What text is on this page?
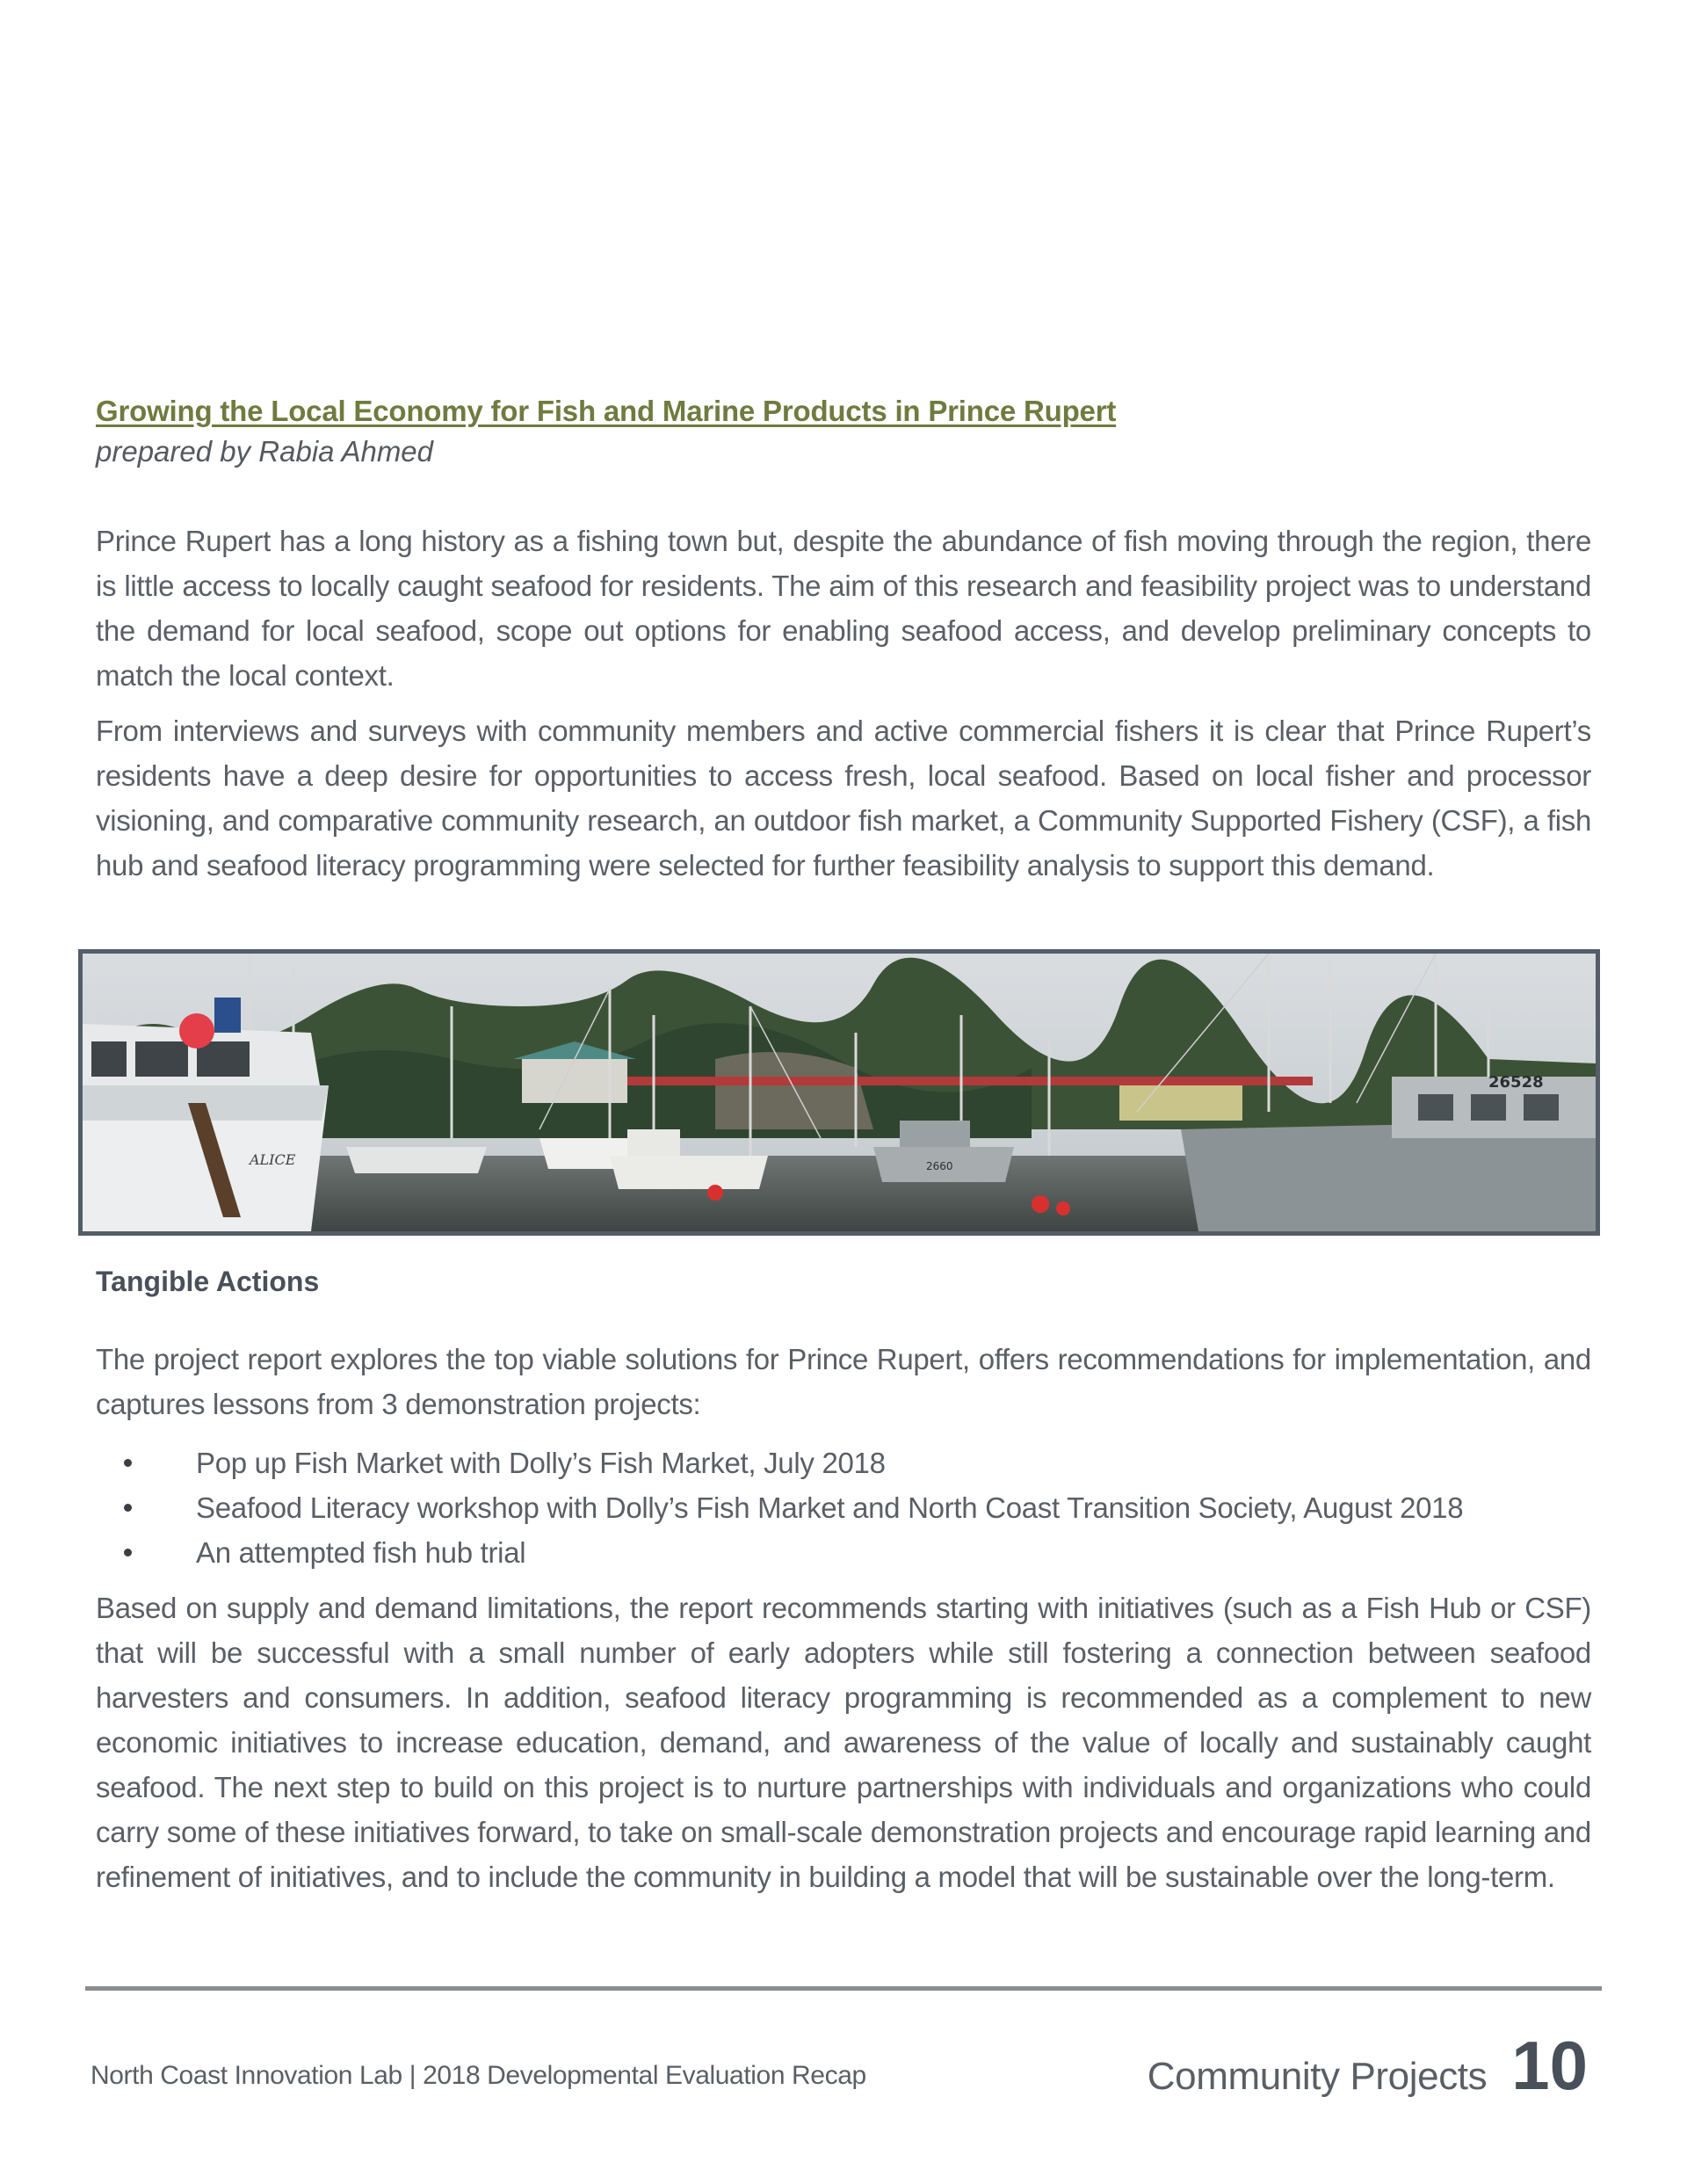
Growing the Local Economy for Fish and Marine Products in Prince Rupert

prepared by Rabia Ahmed

Prince Rupert has a long history as a fishing town but, despite the abundance of fish moving through the region, there is little access to locally caught seafood for residents. The aim of this research and feasibility project was to understand the demand for local seafood, scope out options for enabling seafood access, and develop preliminary concepts to match the local context.

From interviews and surveys with community members and active commercial fishers it is clear that Prince Rupert’s residents have a deep desire for opportunities to access fresh, local seafood. Based on local fisher and processor visioning, and comparative community research, an outdoor fish market, a Community Supported Fishery (CSF), a fish hub and seafood literacy programming were selected for further feasibility analysis to support this demand.

26528
2660
ALICE
Tangible Actions

The project report explores the top viable solutions for Prince Rupert, offers recommendations for implementation, and captures lessons from 3 demonstration projects:

Pop up Fish Market with Dolly’s Fish Market, July 2018
Seafood Literacy workshop with Dolly’s Fish Market and North Coast Transition Society, August 2018
An attempted fish hub trial

Based on supply and demand limitations, the report recommends starting with initiatives (such as a Fish Hub or CSF) that will be successful with a small number of early adopters while still fostering a connection between seafood harvesters and consumers. In addition, seafood literacy programming is recommended as a complement to new economic initiatives to increase education, demand, and awareness of the value of locally and sustainably caught seafood. The next step to build on this project is to nurture partnerships with individuals and organizations who could carry some of these initiatives forward, to take on small-scale demonstration projects and encourage rapid learning and refinement of initiatives, and to include the community in building a model that will be sustainable over the long-term.

North Coast Innovation Lab | 2018 Developmental Evaluation Recap	Community Projects 10
